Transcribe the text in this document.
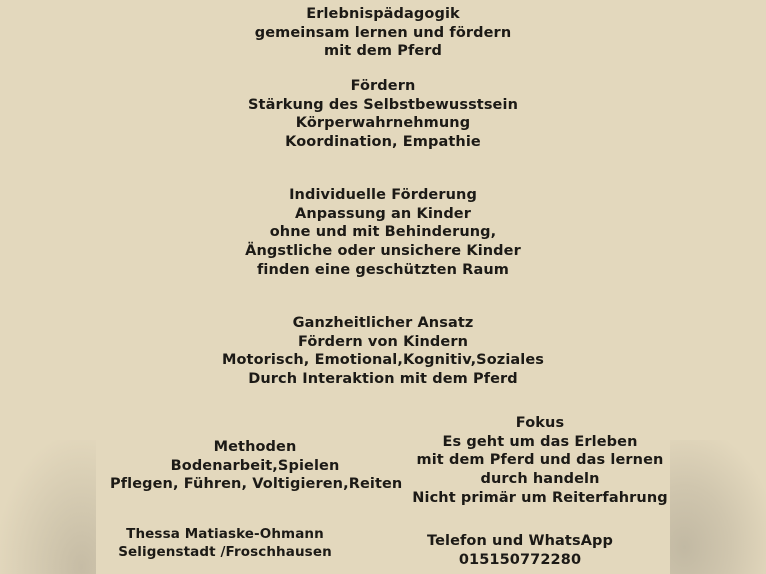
Erlebnispädagogik
gemeinsam lernen und fördern
mit dem Pferd
Fördern
Stärkung des Selbstbewusstsein
Körperwahrnehmung
Koordination, Empathie
Individuelle Förderung
Anpassung an Kinder
ohne und mit Behinderung,
Ängstliche oder unsichere Kinder
finden eine geschützten Raum
Ganzheitlicher Ansatz
Fördern von Kindern
Motorisch, Emotional,Kognitiv,Soziales
Durch Interaktion mit dem Pferd
Methoden
Bodenarbeit,Spielen
Pflegen, Führen, Voltigieren,Reiten
Fokus
Es geht um das Erleben
mit dem Pferd und das lernen
durch handeln
Nicht primär um Reiterfahrung
Thessa Matiaske-Ohmann
Seligenstadt /Froschhausen
Telefon und WhatsApp
015150772280
